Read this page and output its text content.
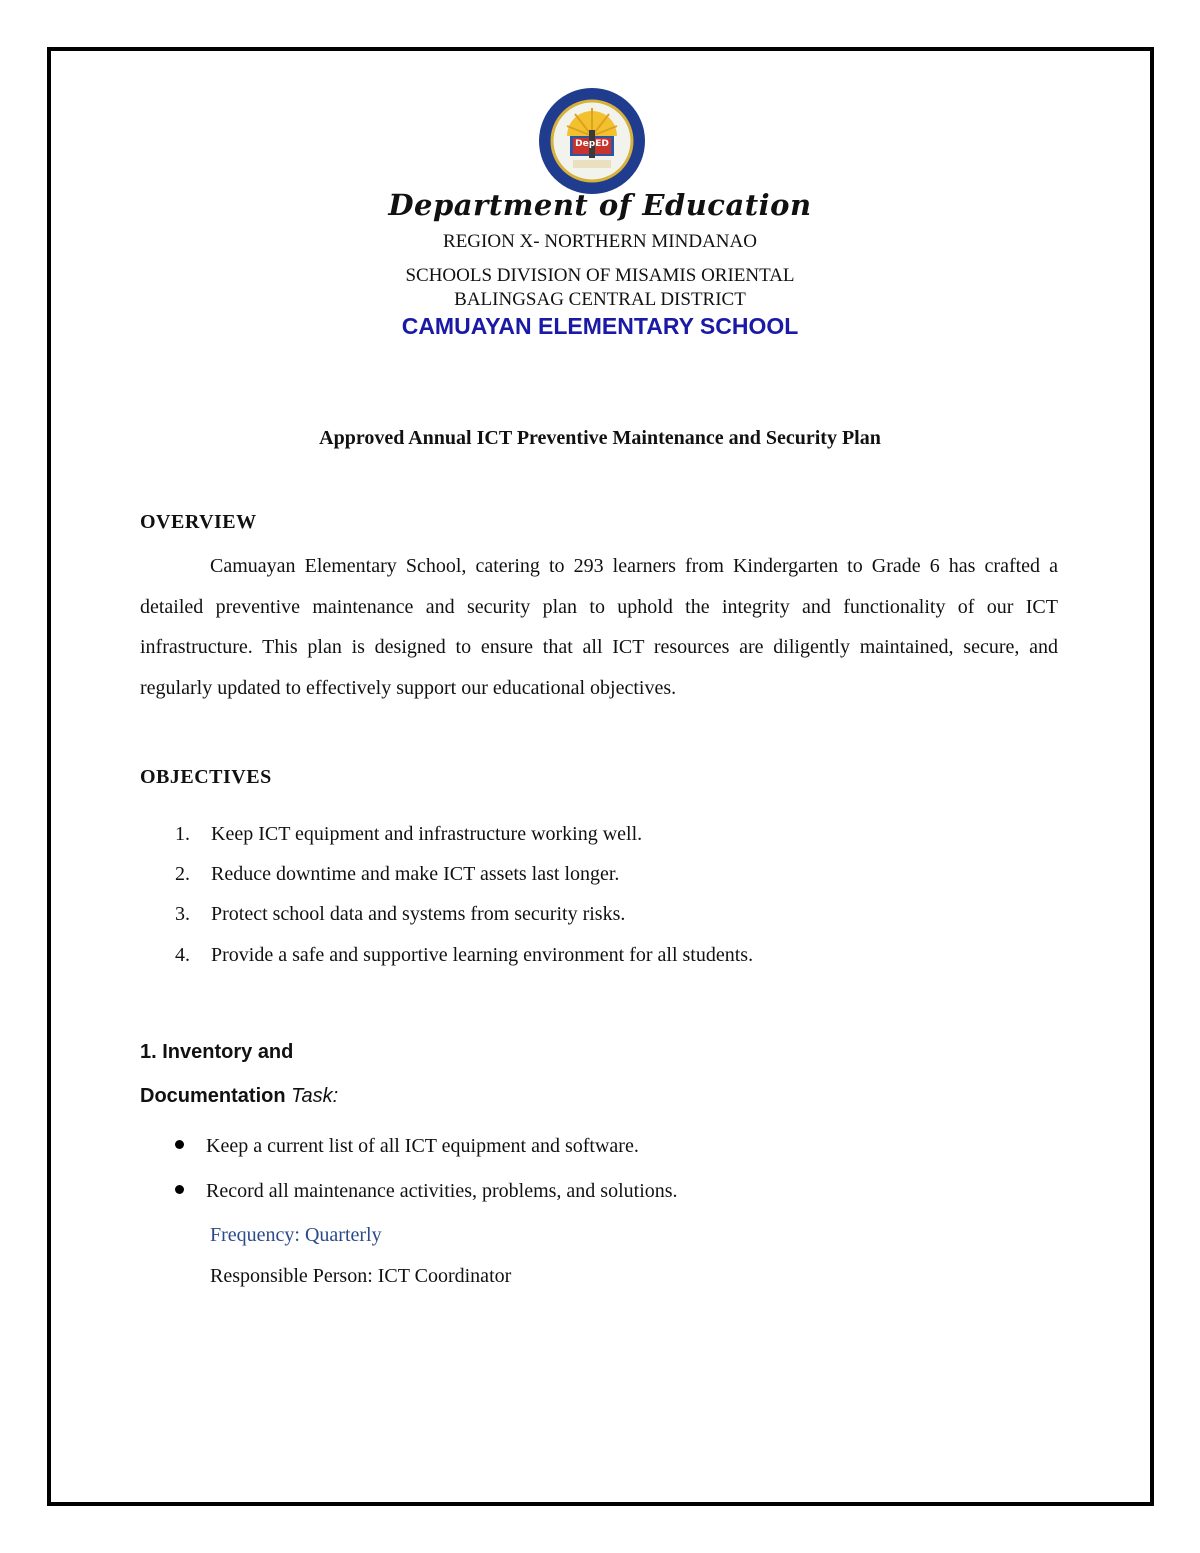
DepED
Department of Education
REGION X- NORTHERN MINDANAO
SCHOOLS DIVISION OF MISAMIS ORIENTAL
BALINGSAG CENTRAL DISTRICT
CAMUAYAN ELEMENTARY SCHOOL
Approved Annual ICT Preventive Maintenance and Security Plan
OVERVIEW

Camuayan Elementary School, catering to 293 learners from Kindergarten to Grade 6 has crafted a detailed preventive maintenance and security plan to uphold the integrity and functionality of our ICT infrastructure. This plan is designed to ensure that all ICT resources are diligently maintained, secure, and regularly updated to effectively support our educational objectives.

OBJECTIVES
1. Keep ICT equipment and infrastructure working well.
2. Reduce downtime and make ICT assets last longer.
3. Protect school data and systems from security risks.
4. Provide a safe and supportive learning environment for all students.
1. Inventory and
Documentation Task:
Keep a current list of all ICT equipment and software.
Record all maintenance activities, problems, and solutions.
Frequency: Quarterly
Responsible Person: ICT Coordinator
